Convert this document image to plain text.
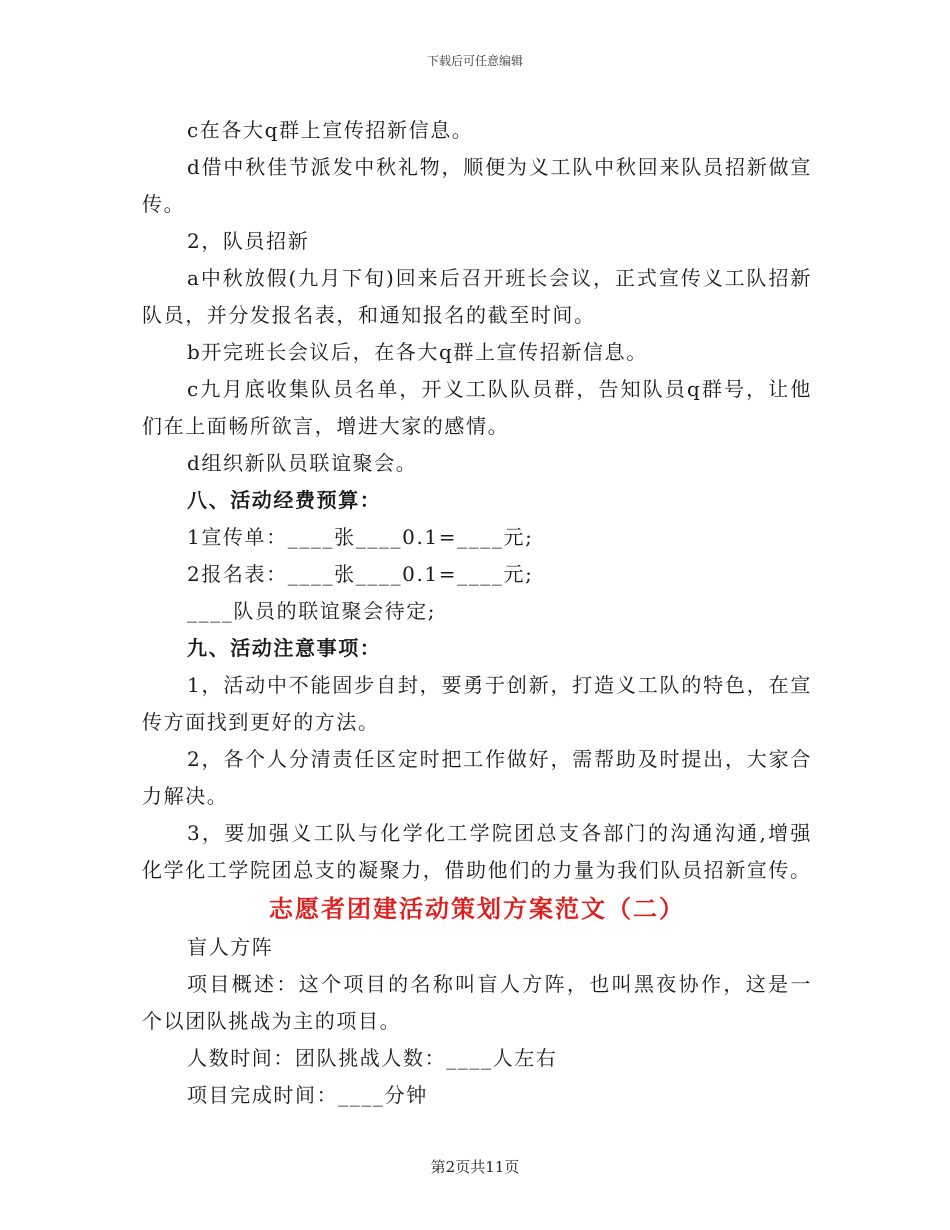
下载后可任意编辑

c在各大q群上宣传招新信息。

d借中秋佳节派发中秋礼物，顺便为义工队中秋回来队员招新做宣传。

2，队员招新

a中秋放假(九月下旬)回来后召开班长会议，正式宣传义工队招新队员，并分发报名表，和通知报名的截至时间。

b开完班长会议后，在各大q群上宣传招新信息。

c九月底收集队员名单，开义工队队员群，告知队员q群号，让他们在上面畅所欲言，增进大家的感情。

d组织新队员联谊聚会。

八、活动经费预算：

1宣传单：____张____0.1=____元;

2报名表：____张____0.1=____元;

____队员的联谊聚会待定;

九、活动注意事项：

1，活动中不能固步自封，要勇于创新，打造义工队的特色，在宣传方面找到更好的方法。

2，各个人分清责任区定时把工作做好，需帮助及时提出，大家合力解决。

3，要加强义工队与化学化工学院团总支各部门的沟通沟通,增强化学化工学院团总支的凝聚力，借助他们的力量为我们队员招新宣传。

志愿者团建活动策划方案范文（二）

盲人方阵

项目概述：这个项目的名称叫盲人方阵，也叫黑夜协作，这是一个以团队挑战为主的项目。

人数时间：团队挑战人数：____人左右

项目完成时间：____分钟

第2页共11页
